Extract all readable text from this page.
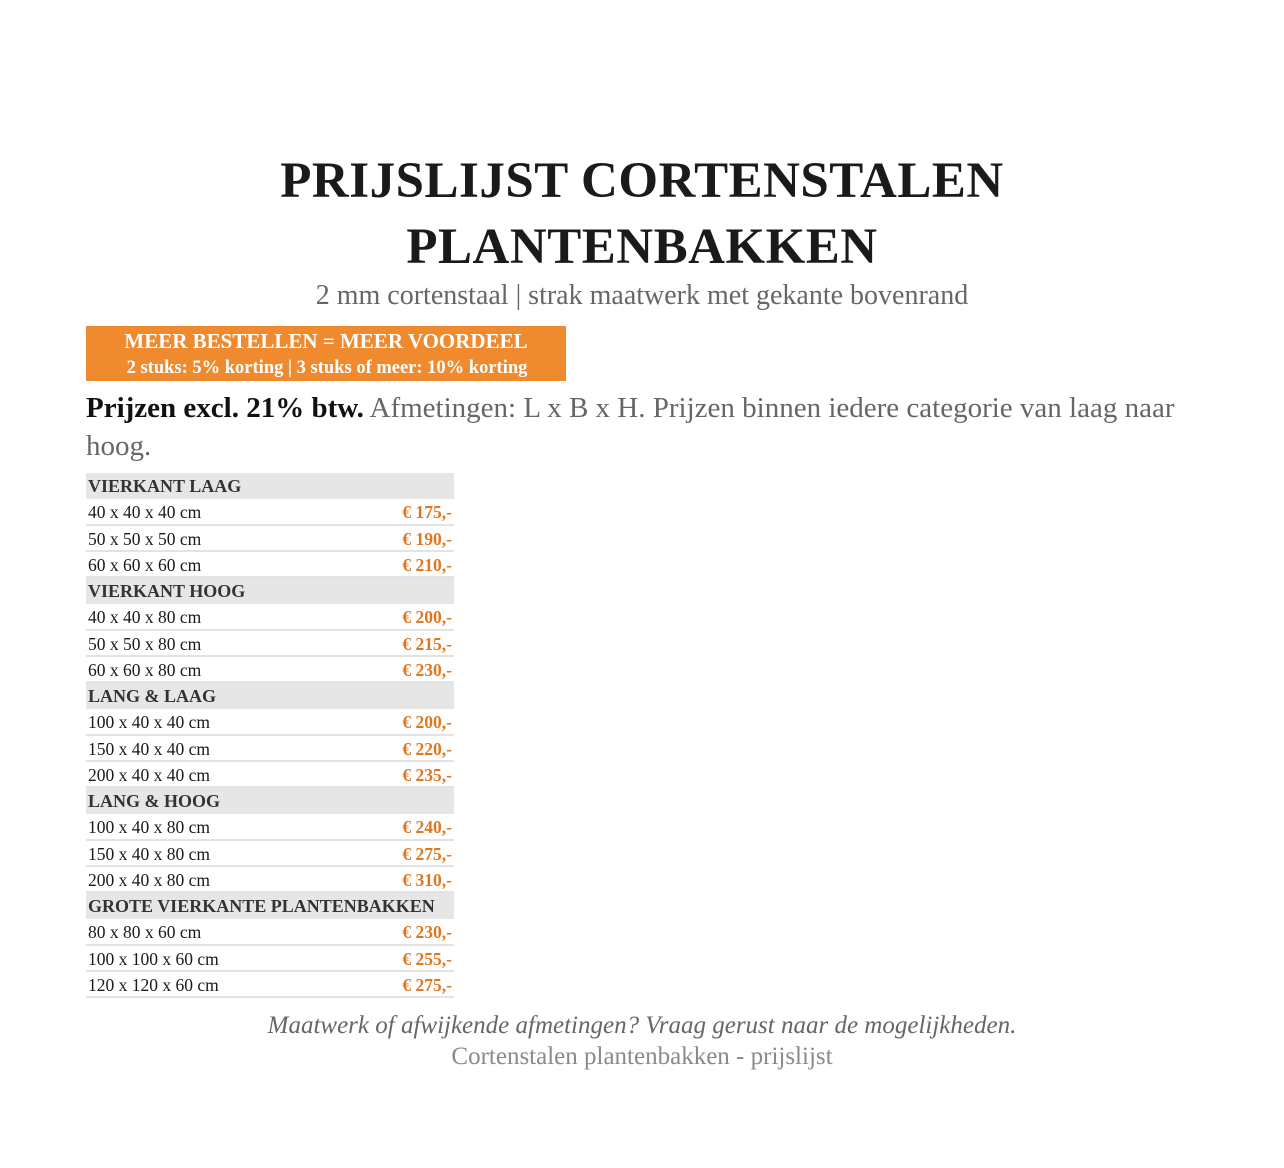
PRIJSLIJST CORTENSTALEN
PLANTENBAKKEN
2 mm cortenstaal | strak maatwerk met gekante bovenrand
MEER BESTELLEN = MEER VOORDEEL
2 stuks: 5% korting | 3 stuks of meer: 10% korting
Prijzen excl. 21% btw. Afmetingen: L x B x H. Prijzen binnen iedere categorie van laag naar hoog.
VIERKANT LAAG
40 x 40 x 40 cm	€ 175,-
50 x 50 x 50 cm	€ 190,-
60 x 60 x 60 cm	€ 210,-
VIERKANT HOOG
40 x 40 x 80 cm	€ 200,-
50 x 50 x 80 cm	€ 215,-
60 x 60 x 80 cm	€ 230,-
LANG & LAAG
100 x 40 x 40 cm	€ 200,-
150 x 40 x 40 cm	€ 220,-
200 x 40 x 40 cm	€ 235,-
LANG & HOOG
100 x 40 x 80 cm	€ 240,-
150 x 40 x 80 cm	€ 275,-
200 x 40 x 80 cm	€ 310,-
GROTE VIERKANTE PLANTENBAKKEN
80 x 80 x 60 cm	€ 230,-
100 x 100 x 60 cm	€ 255,-
120 x 120 x 60 cm	€ 275,-
Maatwerk of afwijkende afmetingen? Vraag gerust naar de mogelijkheden.
Cortenstalen plantenbakken - prijslijst
